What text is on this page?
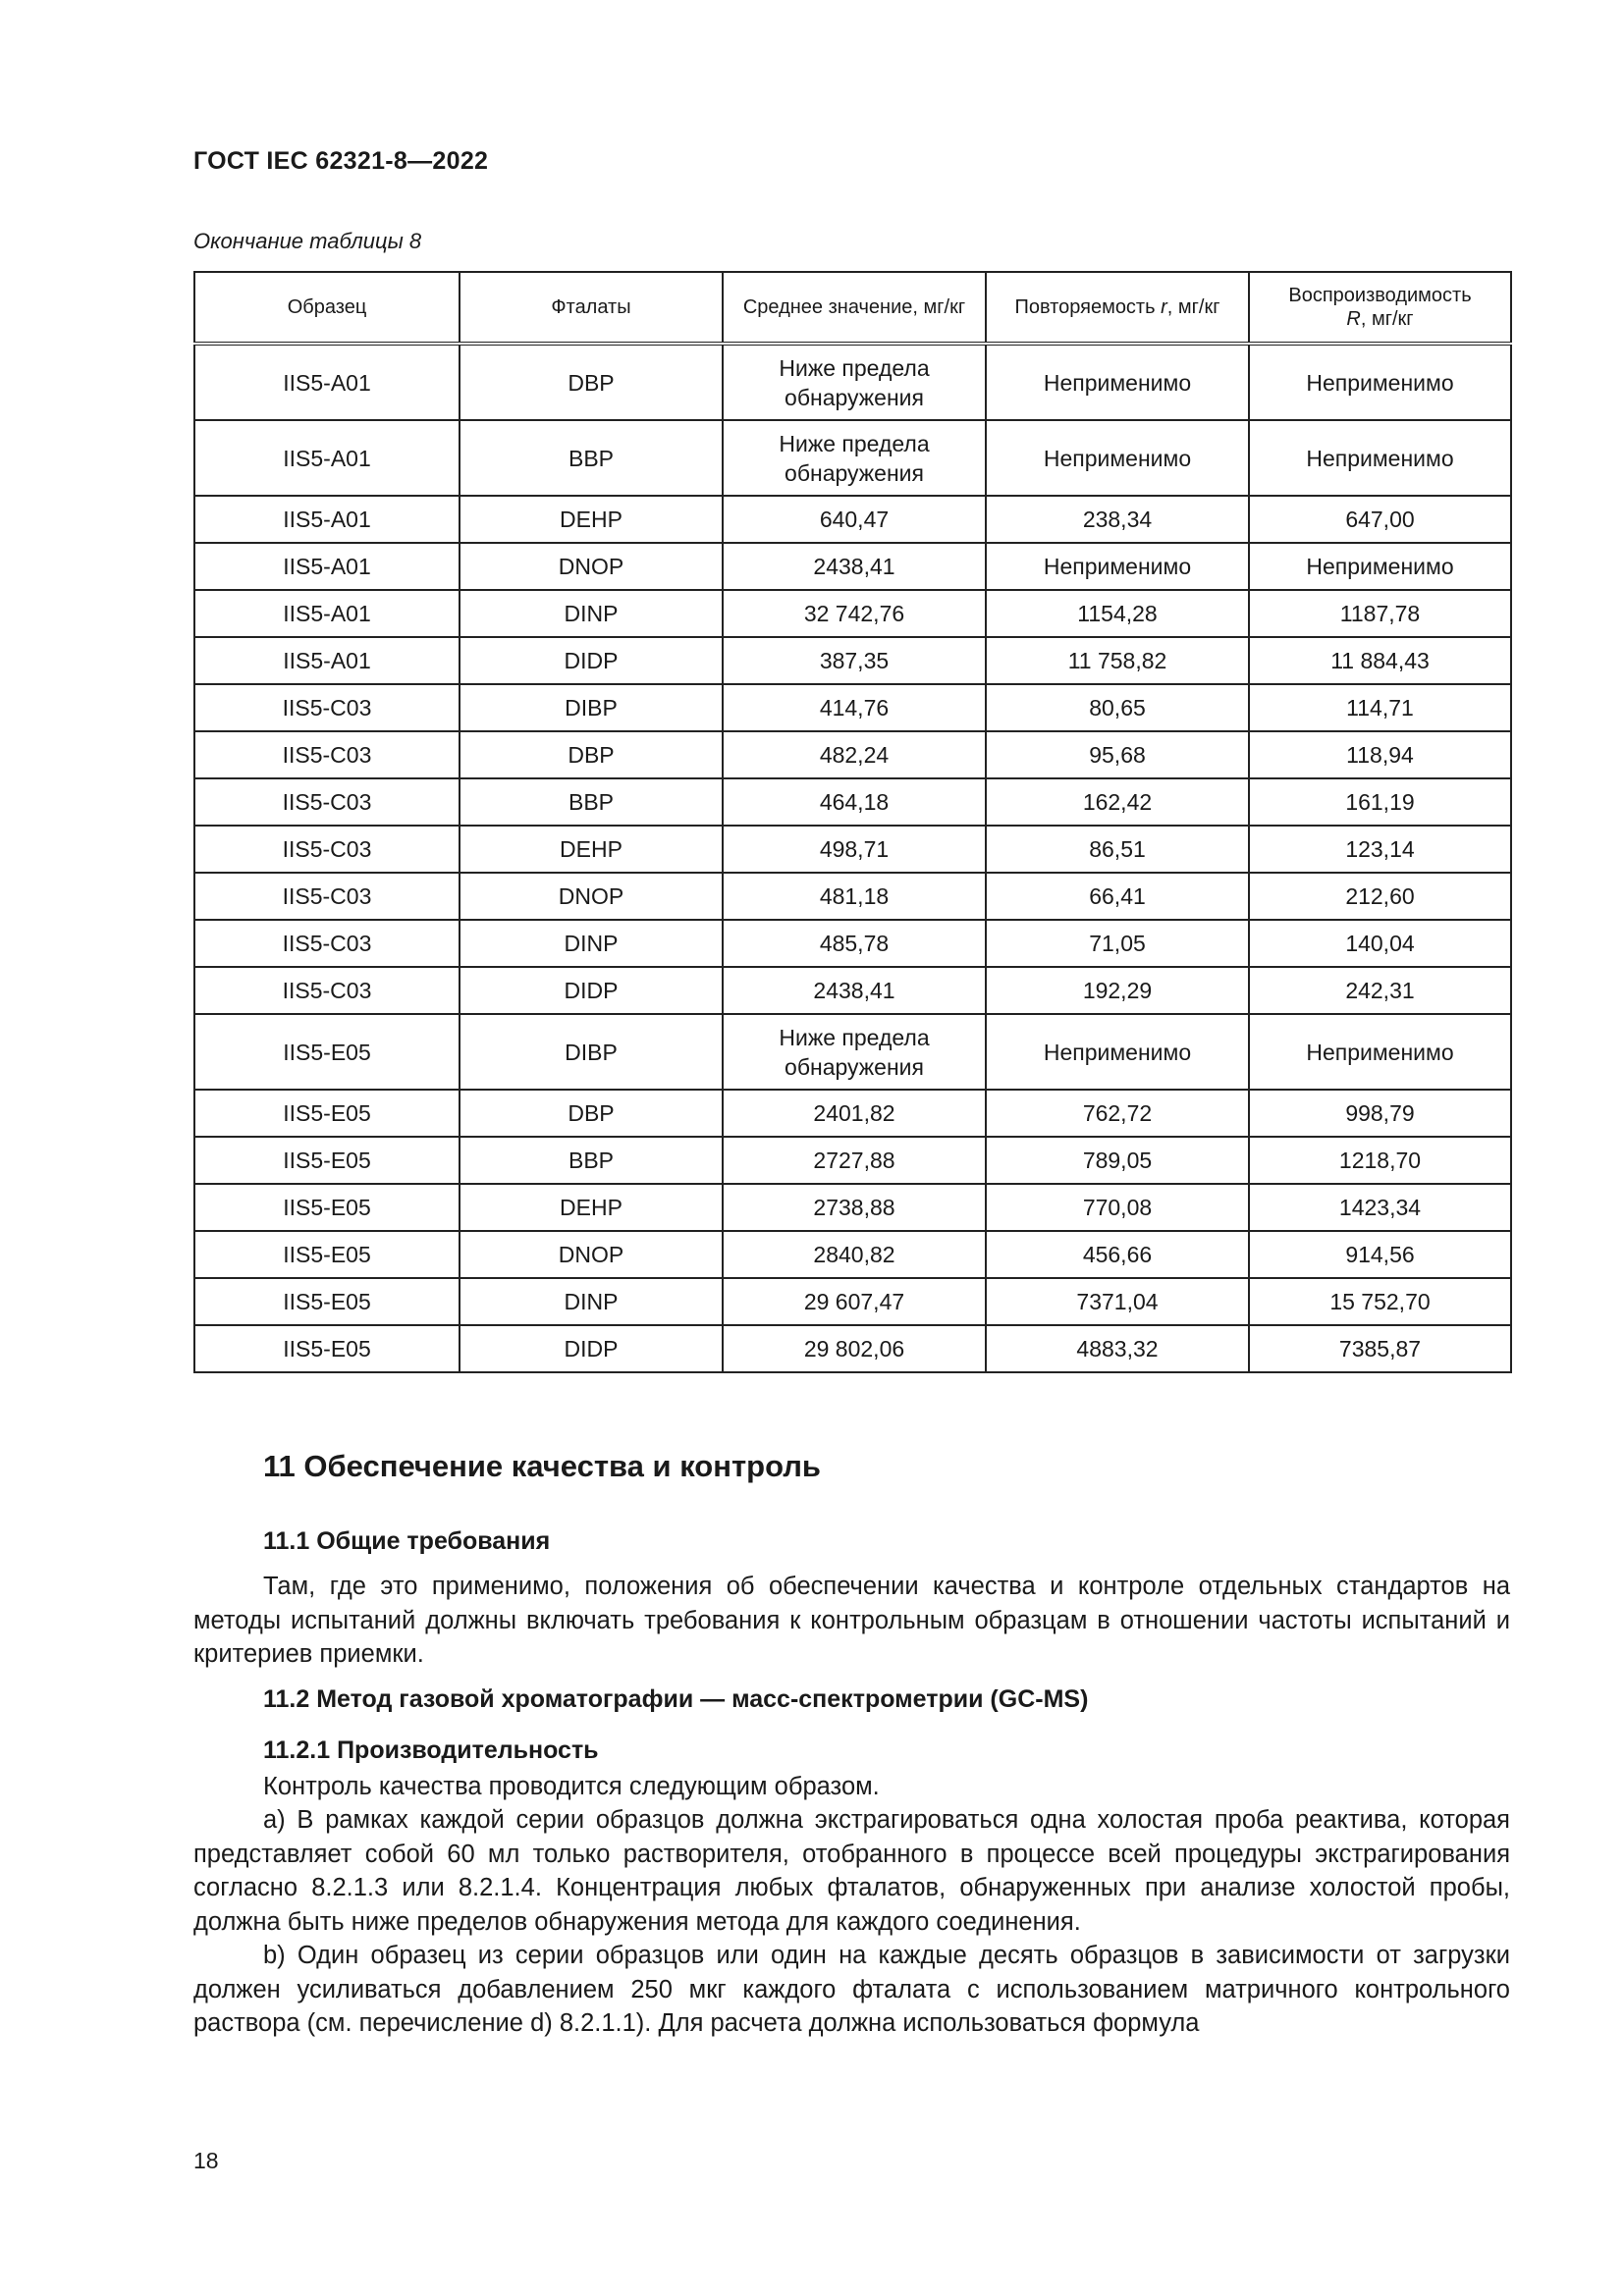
ГОСТ IEC 62321-8—2022
Окончание таблицы 8
Образец	Фталаты	Среднее значение, мг/кг	Повторяемость r, мг/кг	Воспроизводимость
R, мг/кг
IIS5-A01	DBP	Ниже предела обнаружения	Неприменимо	Неприменимо
IIS5-A01	BBP	Ниже предела обнаружения	Неприменимо	Неприменимо
IIS5-A01	DEHP	640,47	238,34	647,00
IIS5-A01	DNOP	2438,41	Неприменимо	Неприменимо
IIS5-A01	DINP	32 742,76	1154,28	1187,78
IIS5-A01	DIDP	387,35	11 758,82	11 884,43
IIS5-C03	DIBP	414,76	80,65	114,71
IIS5-C03	DBP	482,24	95,68	118,94
IIS5-C03	BBP	464,18	162,42	161,19
IIS5-C03	DEHP	498,71	86,51	123,14
IIS5-C03	DNOP	481,18	66,41	212,60
IIS5-C03	DINP	485,78	71,05	140,04
IIS5-C03	DIDP	2438,41	192,29	242,31
IIS5-E05	DIBP	Ниже предела обнаружения	Неприменимо	Неприменимо
IIS5-E05	DBP	2401,82	762,72	998,79
IIS5-E05	BBP	2727,88	789,05	1218,70
IIS5-E05	DEHP	2738,88	770,08	1423,34
IIS5-E05	DNOP	2840,82	456,66	914,56
IIS5-E05	DINP	29 607,47	7371,04	15 752,70
IIS5-E05	DIDP	29 802,06	4883,32	7385,87
11 Обеспечение качества и контроль
11.1 Общие требования
Там, где это применимо, положения об обеспечении качества и контроле отдельных стандартов на методы испытаний должны включать требования к контрольным образцам в отношении частоты испытаний и критериев приемки.
11.2 Метод газовой хроматографии — масс-спектрометрии (GC-MS)
11.2.1 Производительность
Контроль качества проводится следующим образом.
a) В рамках каждой серии образцов должна экстрагироваться одна холостая проба реактива, которая представляет собой 60 мл только растворителя, отобранного в процессе всей процедуры экстрагирования согласно 8.2.1.3 или 8.2.1.4. Концентрация любых фталатов, обнаруженных при анализе холостой пробы, должна быть ниже пределов обнаружения метода для каждого соединения.
b) Один образец из серии образцов или один на каждые десять образцов в зависимости от загрузки должен усиливаться добавлением 250 мкг каждого фталата с использованием матричного контрольного раствора (см. перечисление d) 8.2.1.1). Для расчета должна использоваться формула
18
